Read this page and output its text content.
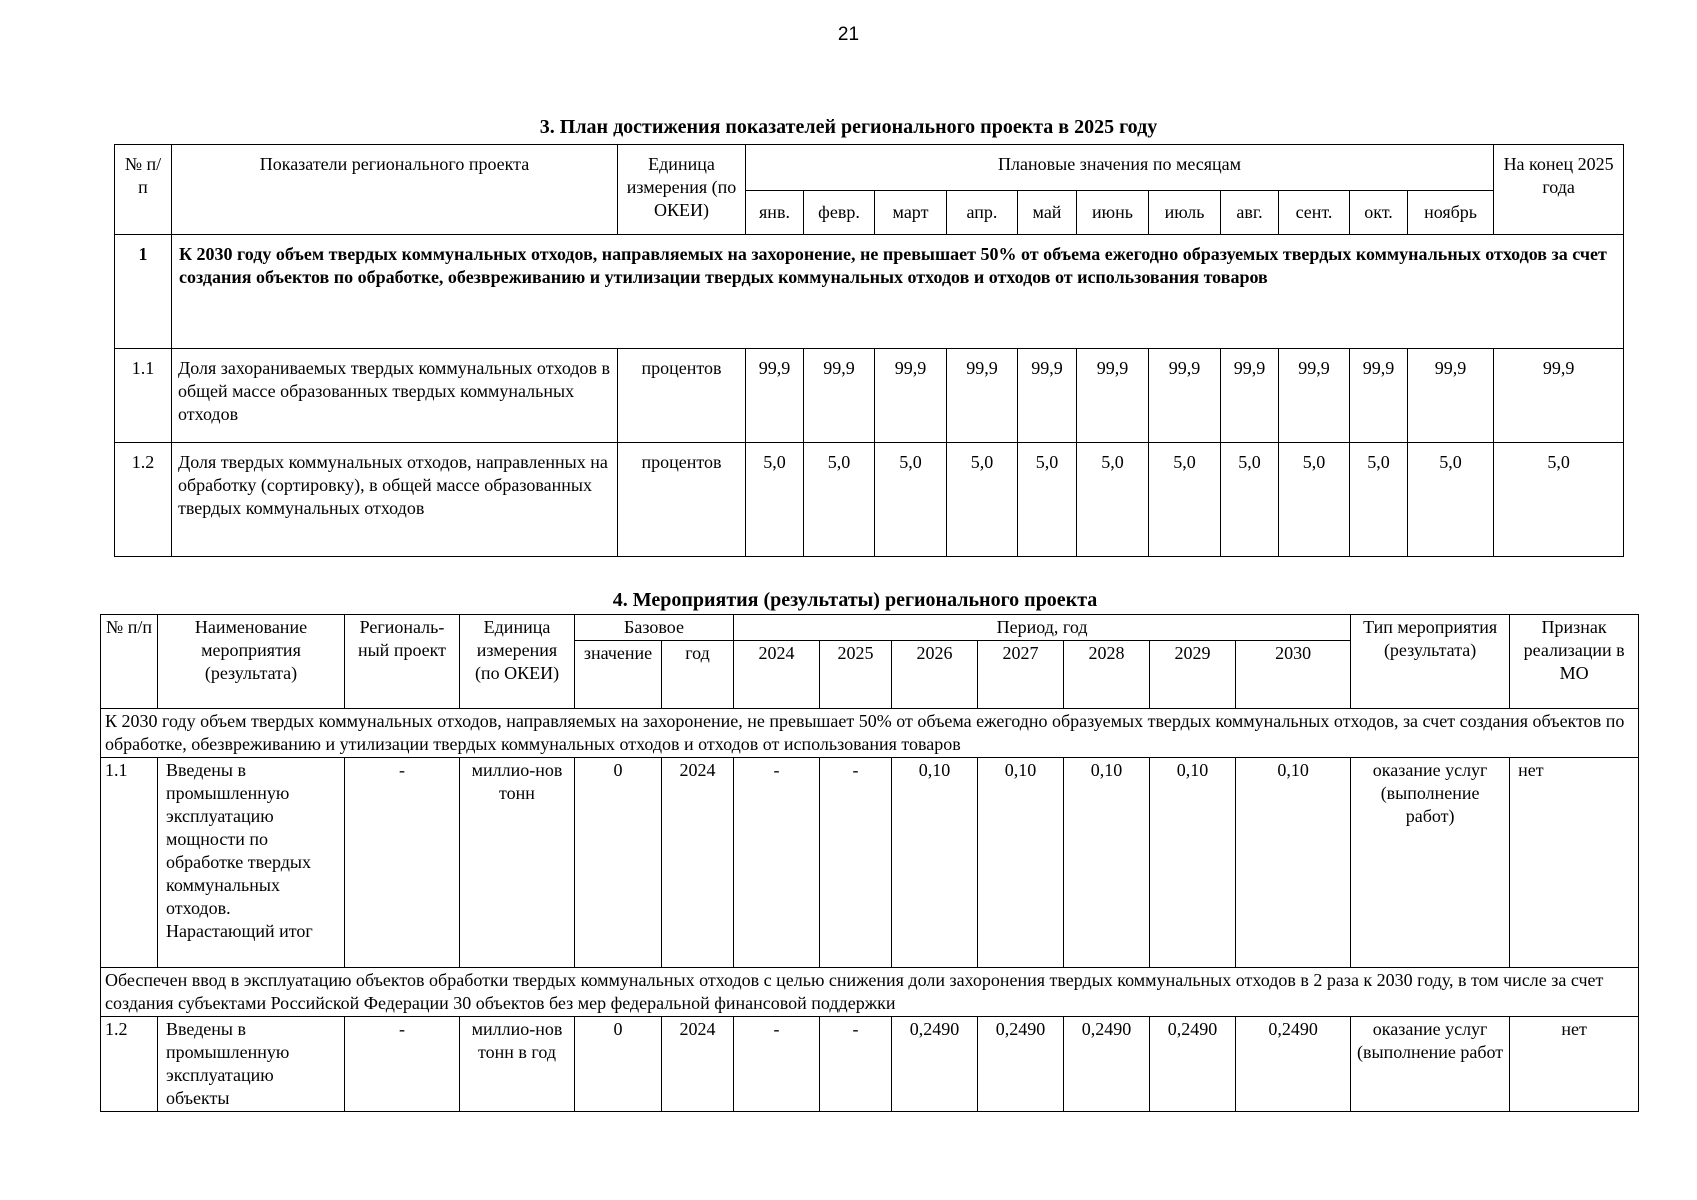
21
3. План достижения показателей регионального проекта в 2025 году
№ п/п	Показатели регионального проекта	Единица измерения (по ОКЕИ)	Плановые значения по месяцам											На конец 2025 года
			янв.	февр.	март	апр.	май	июнь	июль	авг.	сент.	окт.	ноябрь	
1	К 2030 году объем твердых коммунальных отходов, направляемых на захоронение, не превышает 50% от объема ежегодно образуемых твердых коммунальных отходов за счет создания объектов по обработке, обезвреживанию и утилизации твердых коммунальных отходов и отходов от использования товаров													
1.1	Доля захораниваемых твердых коммунальных отходов в общей массе образованных твердых коммунальных отходов	процентов	99,9	99,9	99,9	99,9	99,9	99,9	99,9	99,9	99,9	99,9	99,9	99,9
1.2	Доля твердых коммунальных отходов, направленных на обработку (сортировку), в общей массе образованных твердых коммунальных отходов	процентов	5,0	5,0	5,0	5,0	5,0	5,0	5,0	5,0	5,0	5,0	5,0	5,0
4. Мероприятия (результаты) регионального проекта
№ п/п	Наименование мероприятия (результата)	Региональ-ный проект	Единица измерения (по ОКЕИ)	Базовое		Период, год							Тип мероприятия (результата)	Признак реализации в МО
				значение	год	2024	2025	2026	2027	2028	2029	2030		
К 2030 году объем твердых коммунальных отходов, направляемых на захоронение, не превышает 50% от объема ежегодно образуемых твердых коммунальных отходов, за счет создания объектов по обработке, обезвреживанию и утилизации твердых коммунальных отходов и отходов от использования товаров														
1.1	Введены в промышленную эксплуатацию мощности по обработке твердых коммунальных отходов. Нарастающий итог	-	миллио-нов тонн	0	2024	-	-	0,10	0,10	0,10	0,10	0,10	оказание услуг (выполнение работ)	нет
Обеспечен ввод в эксплуатацию объектов обработки твердых коммунальных отходов с целью снижения доли захоронения твердых коммунальных отходов в 2 раза к 2030 году, в том числе за счет создания субъектами Российской Федерации 30 объектов без мер федеральной финансовой поддержки														
1.2	Введены в промышленную эксплуатацию объекты	-	миллио-нов тонн в год	0	2024	-	-	0,2490	0,2490	0,2490	0,2490	0,2490	оказание услуг (выполнение работ	нет
